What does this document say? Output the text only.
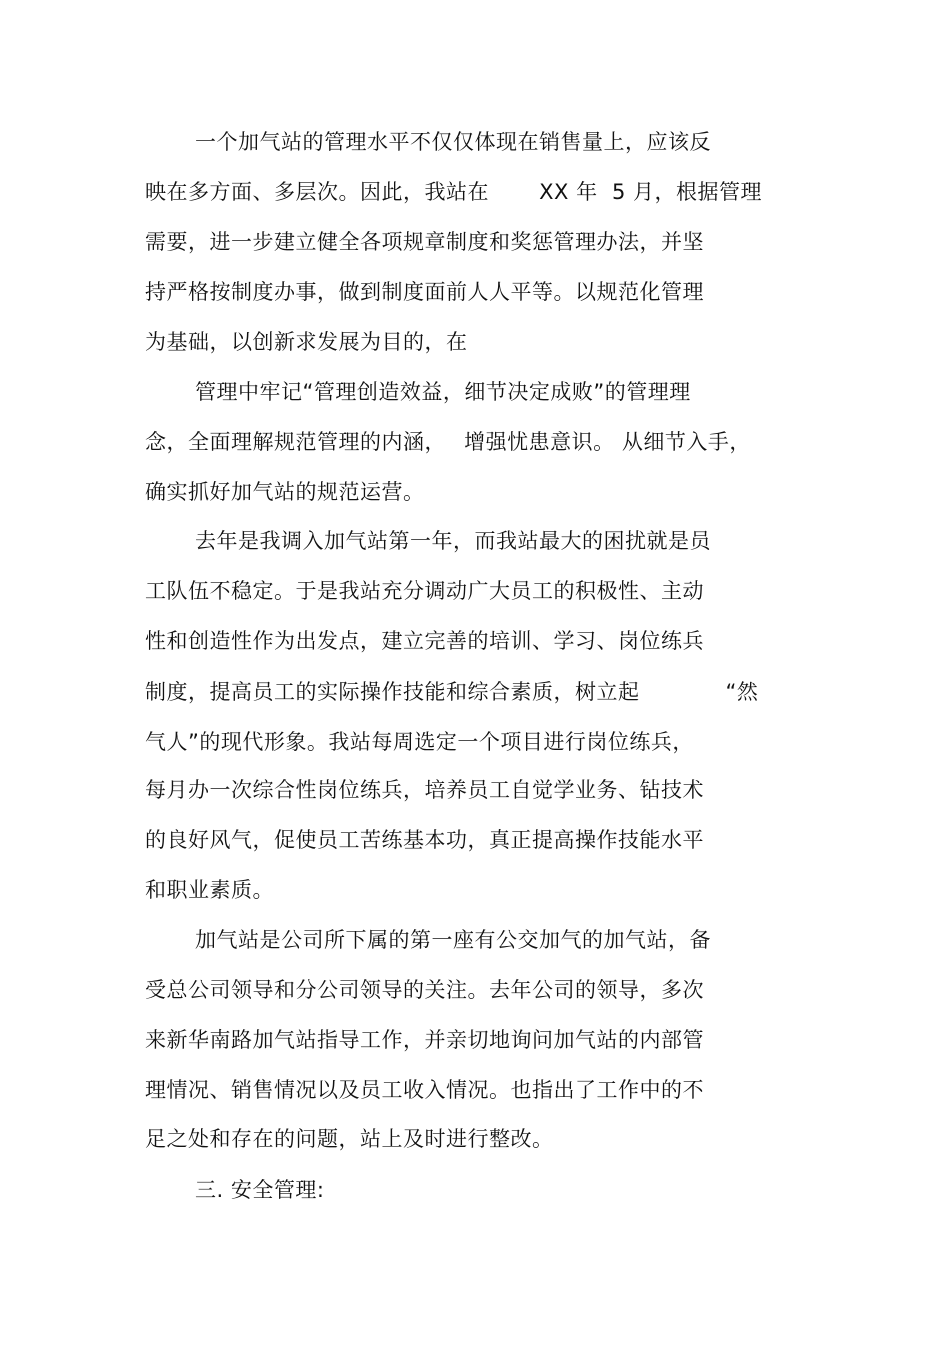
一个加气站的管理水平不仅仅体现在销售量上，应该反
映在多方面、多层次。因此，我站在　　 XX 年  5 月，根据管理
需要，进一步建立健全各项规章制度和奖惩管理办法，并坚
持严格按制度办事，做到制度面前人人平等。以规范化管理
为基础，以创新求发展为目的，在
管理中牢记“管理创造效益，细节决定成败”的管理理
念，全面理解规范管理的内涵，　 增强忧患意识。 从细节入手，
确实抓好加气站的规范运营。
去年是我调入加气站第一年，而我站最大的困扰就是员
工队伍不稳定。于是我站充分调动广大员工的积极性、主动
性和创造性作为出发点，建立完善的培训、学习、岗位练兵
制度，提高员工的实际操作技能和综合素质，树立起　　　　“然
气人”的现代形象。我站每周选定一个项目进行岗位练兵，
每月办一次综合性岗位练兵，培养员工自觉学业务、钻技术
的良好风气，促使员工苦练基本功，真正提高操作技能水平
和职业素质。
加气站是公司所下属的第一座有公交加气的加气站，备
受总公司领导和分公司领导的关注。去年公司的领导，多次
来新华南路加气站指导工作，并亲切地询问加气站的内部管
理情况、销售情况以及员工收入情况。也指出了工作中的不
足之处和存在的问题，站上及时进行整改。
三. 安全管理:
